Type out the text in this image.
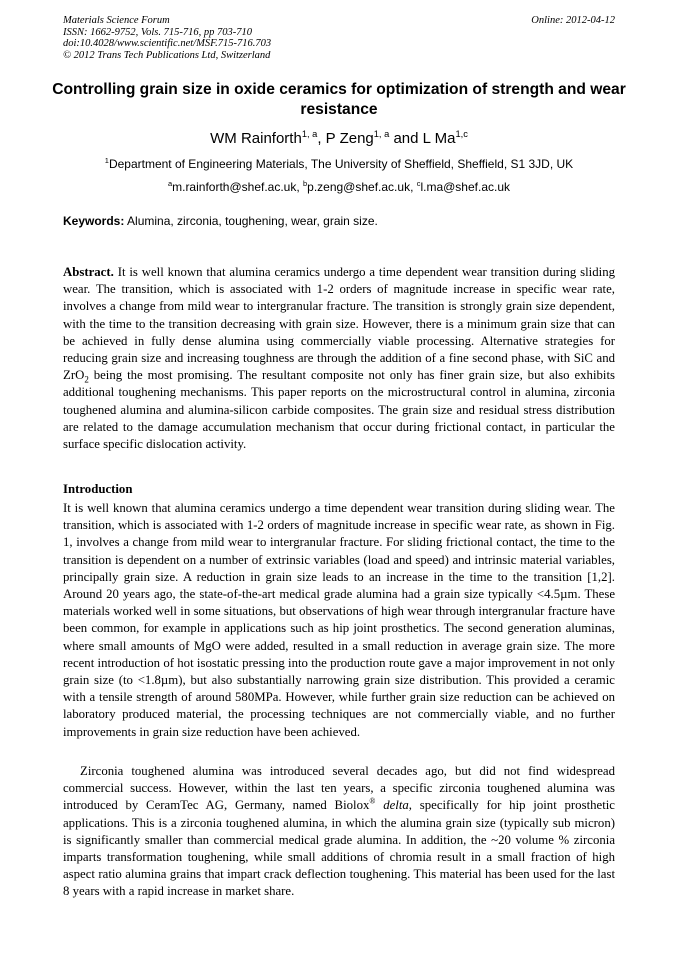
Materials Science Forum
ISSN: 1662-9752, Vols. 715-716, pp 703-710
doi:10.4028/www.scientific.net/MSF.715-716.703
© 2012 Trans Tech Publications Ltd, Switzerland
Online: 2012-04-12
Controlling grain size in oxide ceramics for optimization of strength and wear resistance
WM Rainforth$^{1, a}$, P Zeng$^{1, a}$ and L Ma$^{1,c}$
$^1$Department of Engineering Materials, The University of Sheffield, Sheffield, S1 3JD, UK
$^a$m.rainforth@shef.ac.uk, $^b$p.zeng@shef.ac.uk, $^c$l.ma@shef.ac.uk
Keywords: Alumina, zirconia, toughening, wear, grain size.

Abstract. It is well known that alumina ceramics undergo a time dependent wear transition during sliding wear. The transition, which is associated with 1-2 orders of magnitude increase in specific wear rate, involves a change from mild wear to intergranular fracture. The transition is strongly grain size dependent, with the time to the transition decreasing with grain size. However, there is a minimum grain size that can be achieved in fully dense alumina using commercially viable processing. Alternative strategies for reducing grain size and increasing toughness are through the addition of a fine second phase, with SiC and ZrO$_2$ being the most promising. The resultant composite not only has finer grain size, but also exhibits additional toughening mechanisms. This paper reports on the microstructural control in alumina, zirconia toughened alumina and alumina-silicon carbide composites. The grain size and residual stress distribution are related to the damage accumulation mechanism that occur during frictional contact, in particular the surface specific dislocation activity.

Introduction

It is well known that alumina ceramics undergo a time dependent wear transition during sliding wear. The transition, which is associated with 1-2 orders of magnitude increase in specific wear rate, as shown in Fig. 1, involves a change from mild wear to intergranular fracture. For sliding frictional contact, the time to the transition is dependent on a number of extrinsic variables (load and speed) and intrinsic material variables, principally grain size. A reduction in grain size leads to an increase in the time to the transition [1,2]. Around 20 years ago, the state-of-the-art medical grade alumina had a grain size typically <4.5µm. These materials worked well in some situations, but observations of high wear through intergranular fracture have been common, for example in applications such as hip joint prosthetics. The second generation aluminas, where small amounts of MgO were added, resulted in a small reduction in average grain size. The more recent introduction of hot isostatic pressing into the production route gave a major improvement in not only grain size (to <1.8µm), but also substantially narrowing grain size distribution. This provided a ceramic with a tensile strength of around 580MPa. However, while further grain size reduction can be achieved on laboratory produced material, the processing techniques are not commercially viable, and no further improvements in grain size reduction have been achieved.

Zirconia toughened alumina was introduced several decades ago, but did not find widespread commercial success. However, within the last ten years, a specific zirconia toughened alumina was introduced by CeramTec AG, Germany, named Biolox® delta, specifically for hip joint prosthetic applications. This is a zirconia toughened alumina, in which the alumina grain size (typically sub micron) is significantly smaller than commercial medical grade alumina. In addition, the ~20 volume % zirconia imparts transformation toughening, while small additions of chromia result in a small fraction of high aspect ratio alumina grains that impart crack deflection toughening. This material has been used for the last 8 years with a rapid increase in market share.
